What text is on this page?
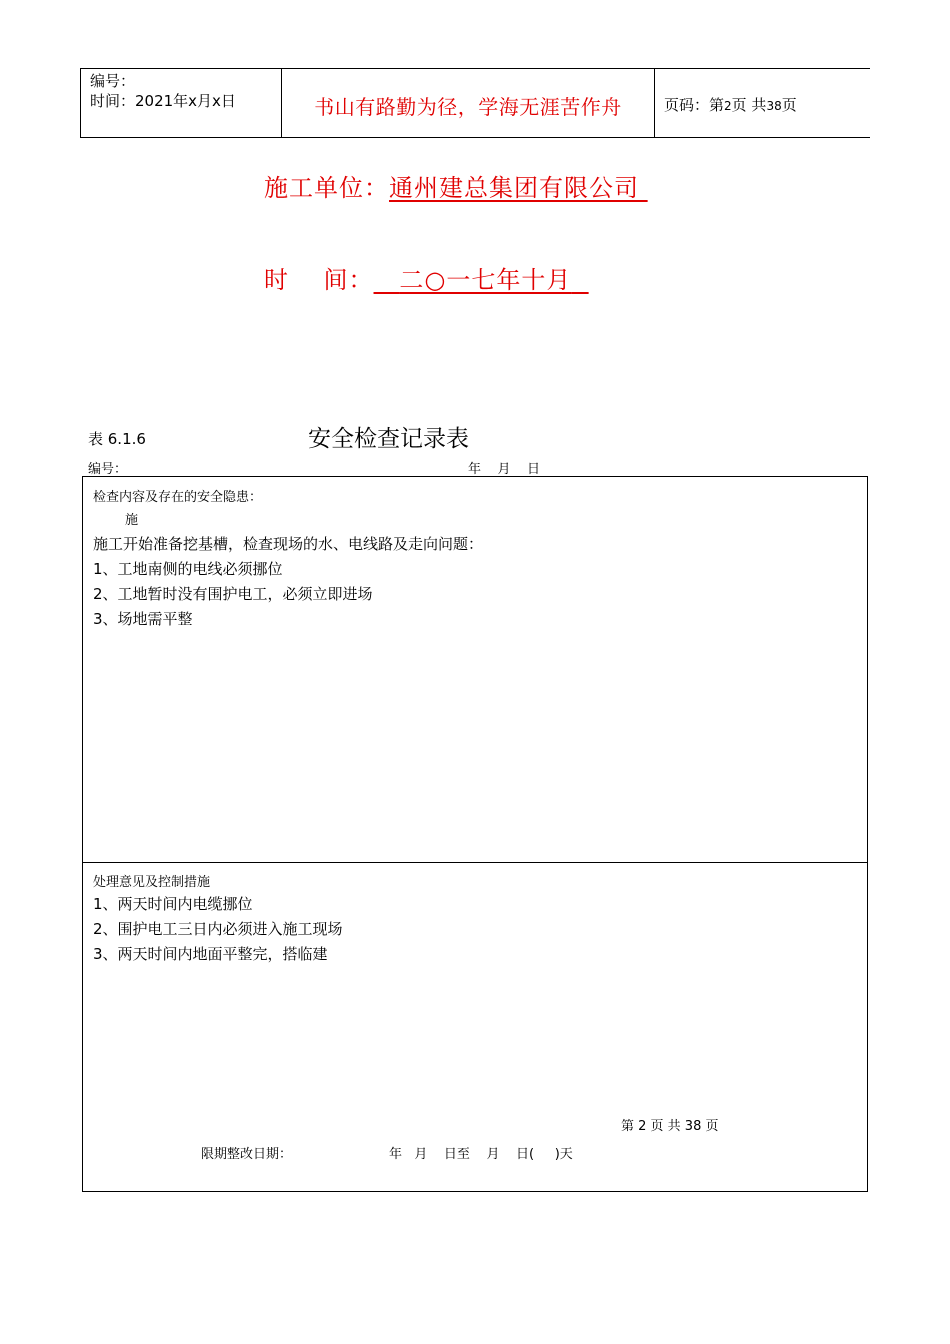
编号：
时间：2021年x月x日	书山有路勤为径，学海无涯苦作舟	页码：第2页 共38页
施工单位：通州建总集团有限公司
时    间： 二○一七年十月
表 6.1.6	安全检查记录表
编号：	年    月    日
检查内容及存在的安全隐患：
施
施工开始准备挖基槽，检查现场的水、电线路及走向问题：
1、工地南侧的电线必须挪位
2、工地暂时没有围护电工，必须立即进场
3、场地需平整
处理意见及控制措施
1、两天时间内电缆挪位
2、围护电工三日内必须进入施工现场
3、两天时间内地面平整完，搭临建
第 2 页 共 38 页
限期整改日期：	年   月    日至    月    日(     )天
